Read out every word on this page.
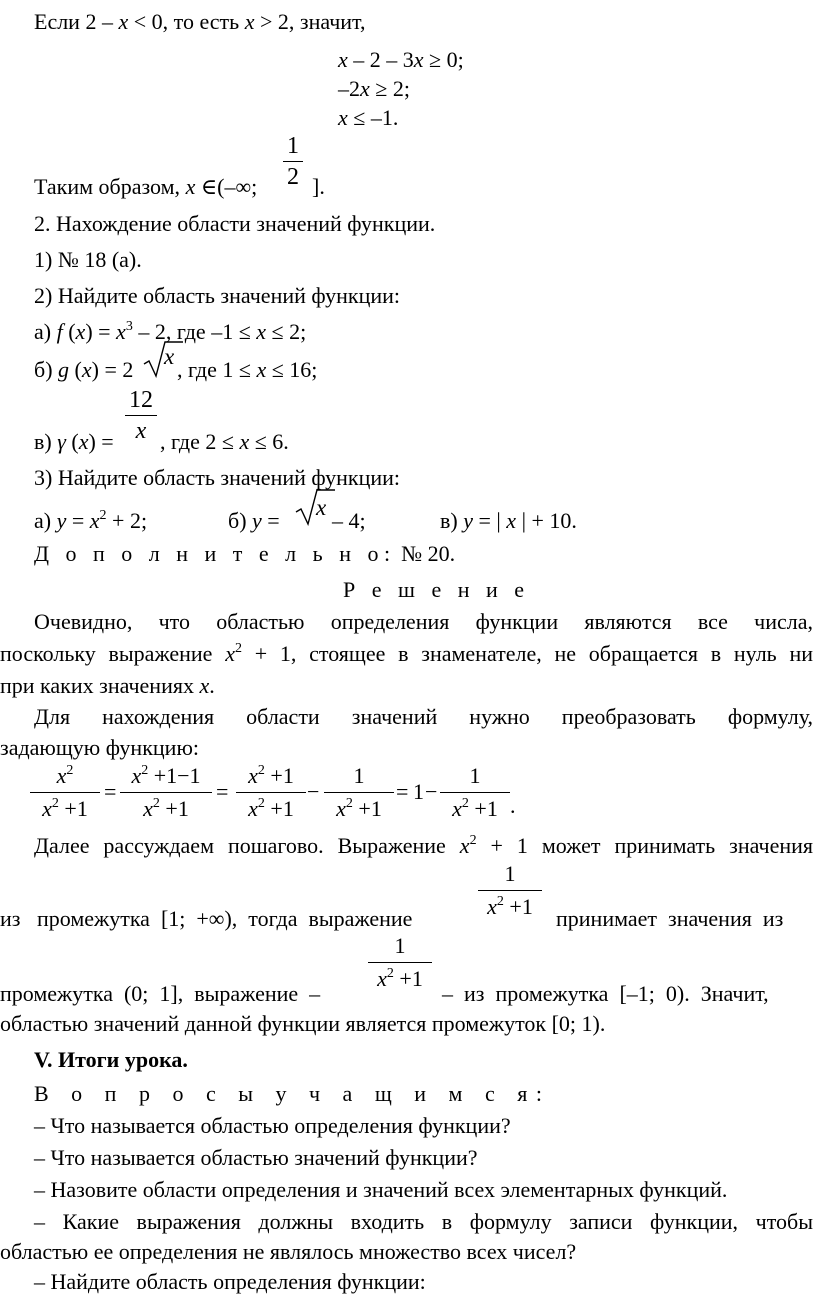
Если 2 – x < 0, то есть x > 2, значит,
x – 2 – 3x ≥ 0;
–2x ≥ 2;
x ≤ –1.
Таким образом, x ∈(–∞; $\frac{1}{2}$ ].
2. Нахождение области значений функции.
1) № 18 (а).
2) Найдите область значений функции:
а) f $(x) = x^3 - 2$, где –1 ≤ x ≤ 2;
б) g (x) = 2
x
, где 1 ≤ x ≤ 16;
в) γ $(x) = \frac{12}{x}$ , где 2 ≤ x ≤ 6.
3) Найдите область значений функции:
а) $y = x^2 + 2$;	б) y =
x
– 4;	в) y = | x | + 10.
Д о п о л н и т е л ь н о: № 20.
Р е ш е н и е
Очевидно, что областью определения функции являются все числа,
поскольку выражение $x^2 + 1$, стоящее в знаменателе, не обращается в нуль ни
при каких значениях x.
Для нахождения области значений нужно преобразовать формулу,
задающую функцию:
$\frac{x^2}{x^2 +1} = \frac{x^2 +1-1}{x^2 +1} = \frac{x^2 +1}{x^2 +1} - \frac{1}{x^2 +1} = 1 - \frac{1}{x^2 +1}$ .
Далее рассуждаем пошагово. Выражение $x^2 + 1$ может принимать значения
из   промежутка  [1;  +∞),  тогда  выражение	$\frac{1}{x^2 +1}$ принимает  значения  из
промежутка  (0;  1],  выражение  –
$\frac{1}{x^2 +1}$
–  из  промежутка  [–1;  0).  Значит,
областью значений данной функции является промежуток [0; 1).
V. Итоги урока.
В о п р о с ы у ч а щ и м с я:
– Что называется областью определения функции?
– Что называется областью значений функции?
– Назовите области определения и значений всех элементарных функций.
– Какие выражения должны входить в формулу записи функции, чтобы
областью ее определения не являлось множество всех чисел?
– Найдите область определения функции:
